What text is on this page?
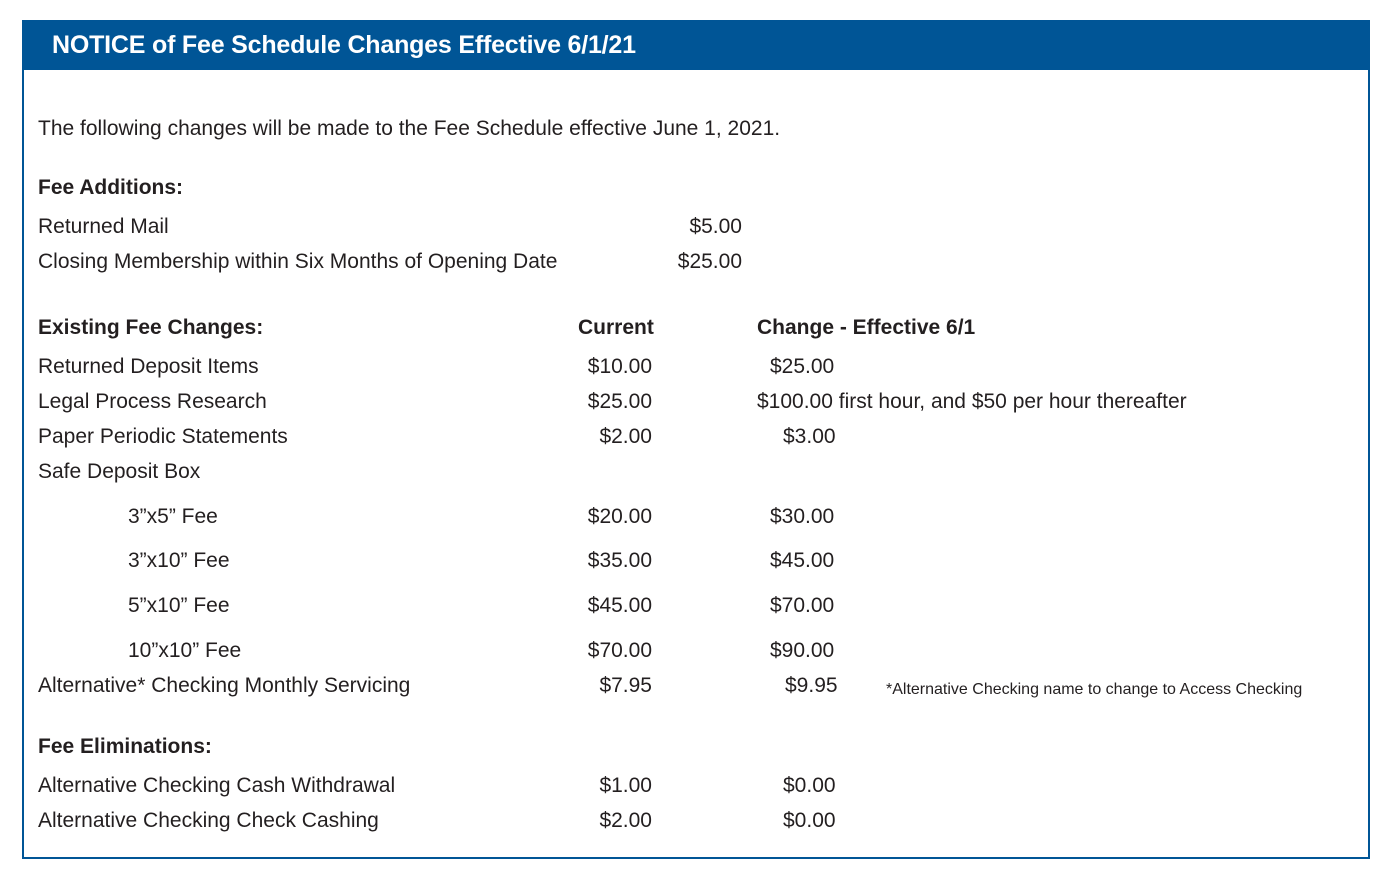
NOTICE of Fee Schedule Changes Effective 6/1/21
The following changes will be made to the Fee Schedule effective June 1, 2021.
Fee Additions:
Returned Mail	$5.00
Closing Membership within Six Months of Opening Date	$25.00
Existing Fee Changes:	Current	Change - Effective 6/1
Returned Deposit Items	$10.00	$25.00
Legal Process Research	$25.00	$100.00 first hour, and $50 per hour thereafter
Paper Periodic Statements	$2.00	$3.00
Safe Deposit Box
3”x5” Fee	$20.00	$30.00
3”x10” Fee	$35.00	$45.00
5”x10” Fee	$45.00	$70.00
10”x10” Fee	$70.00	$90.00
Alternative* Checking Monthly Servicing	$7.95	$9.95	*Alternative Checking name to change to Access Checking
Fee Eliminations:
Alternative Checking Cash Withdrawal	$1.00	$0.00
Alternative Checking Check Cashing	$2.00	$0.00
